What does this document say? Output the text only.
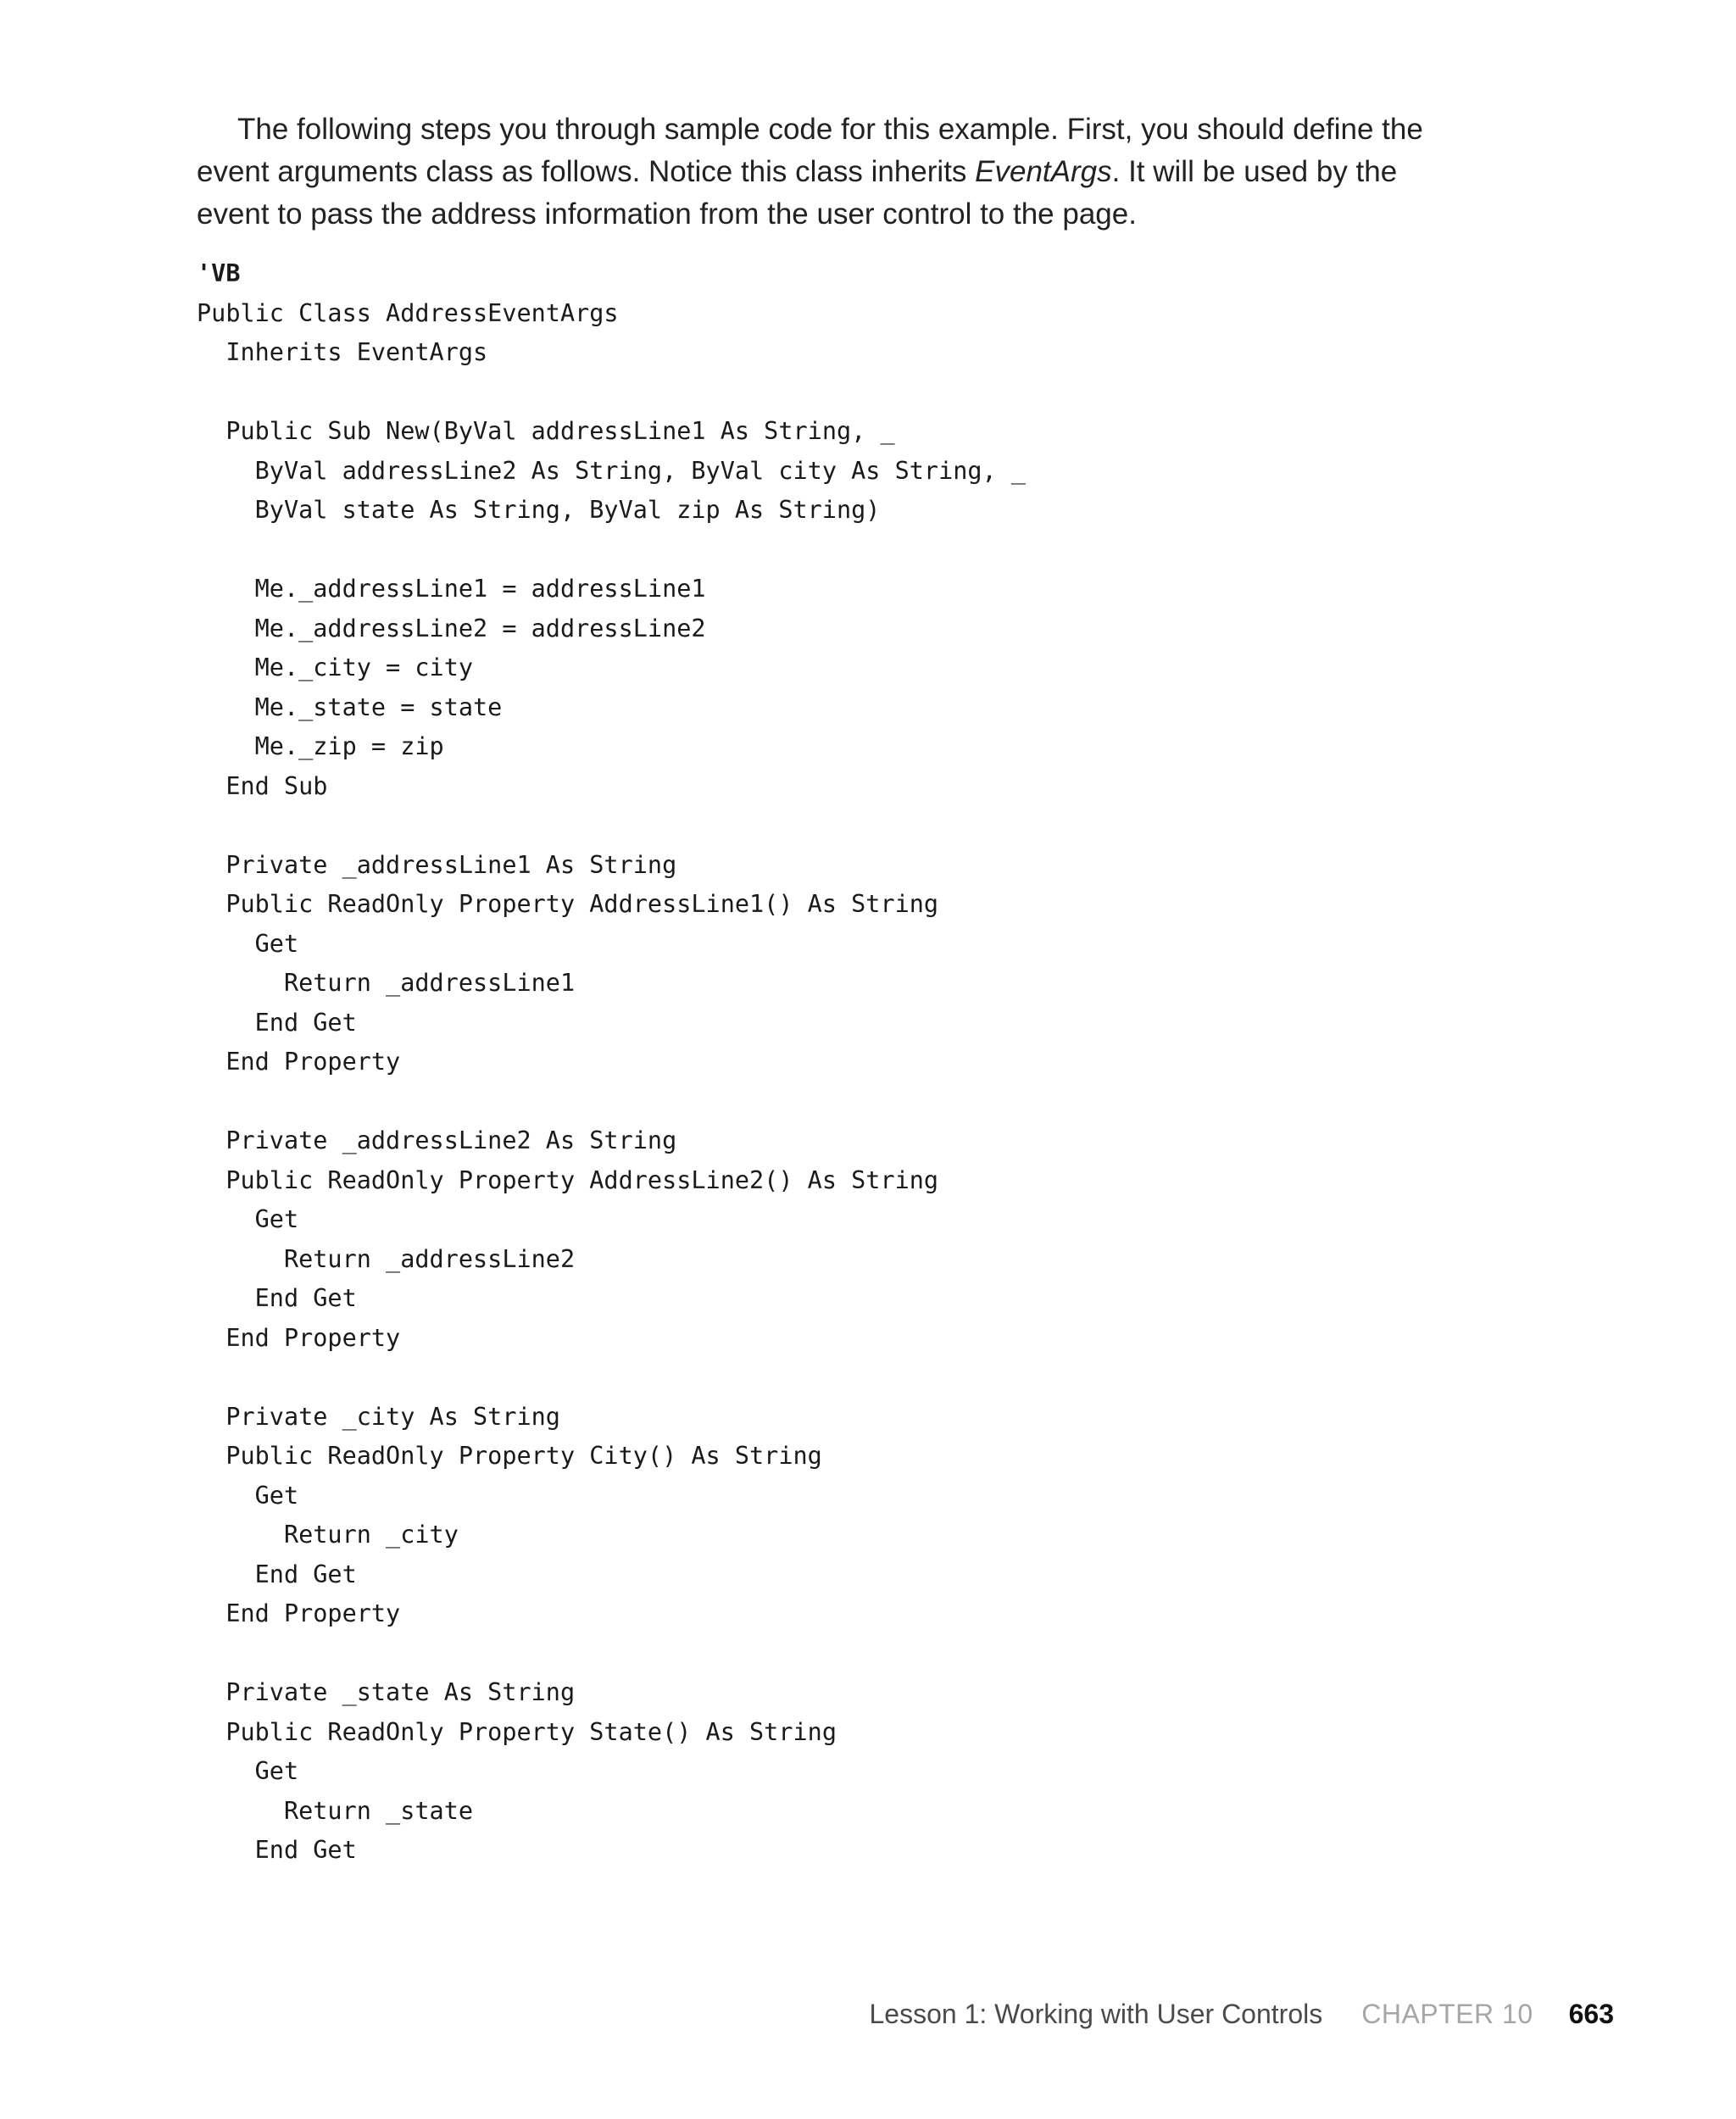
The following steps you through sample code for this example. First, you should define the event arguments class as follows. Notice this class inherits EventArgs. It will be used by the event to pass the address information from the user control to the page.

'VB
Public Class AddressEventArgs
Inherits EventArgs
Public Sub New(ByVal addressLine1 As String, _
ByVal addressLine2 As String, ByVal city As String, _
ByVal state As String, ByVal zip As String)
Me._addressLine1 = addressLine1
Me._addressLine2 = addressLine2
Me._city = city
Me._state = state
Me._zip = zip
End Sub
Private _addressLine1 As String
Public ReadOnly Property AddressLine1() As String
Get
Return _addressLine1
End Get
End Property
Private _addressLine2 As String
Public ReadOnly Property AddressLine2() As String
Get
Return _addressLine2
End Get
End Property
Private _city As String
Public ReadOnly Property City() As String
Get
Return _city
End Get
End Property
Private _state As String
Public ReadOnly Property State() As String
Get
Return _state
End Get
Lesson 1: Working with User Controls CHAPTER 10 663
